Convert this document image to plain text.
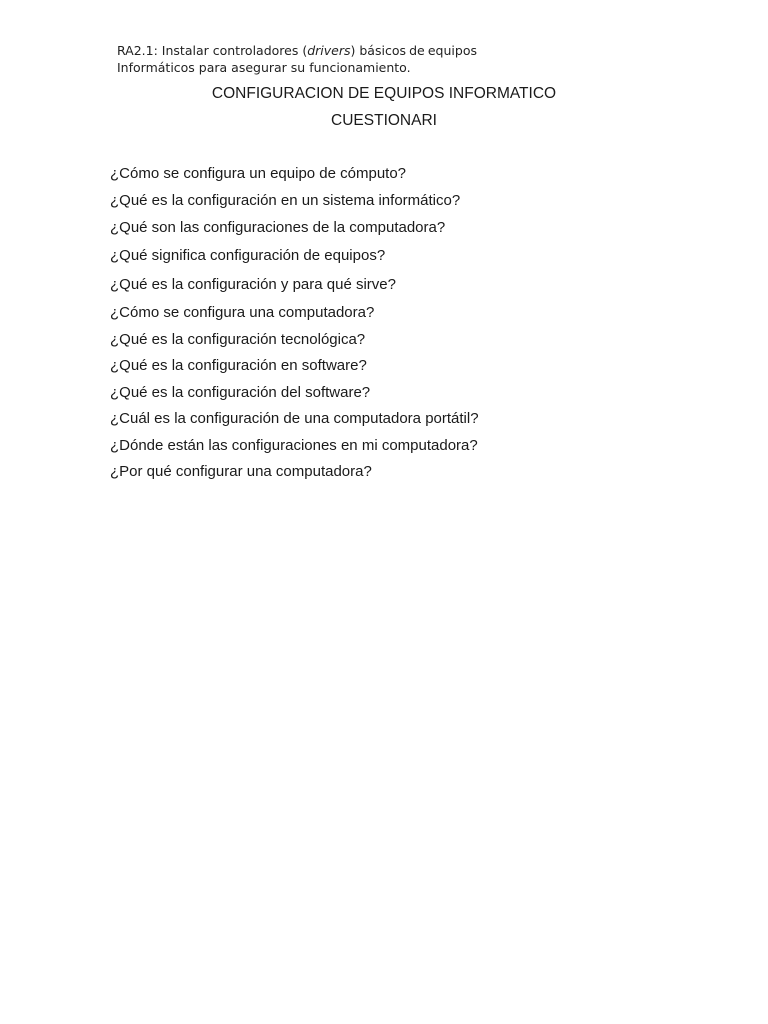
RA2.1: Instalar controladores (drivers) básicos de equipos
Informáticos para asegurar su funcionamiento.
CONFIGURACION DE EQUIPOS INFORMATICO
CUESTIONARI
¿Cómo se configura un equipo de cómputo?
¿Qué es la configuración en un sistema informático?
¿Qué son las configuraciones de la computadora?
¿Qué significa configuración de equipos?
¿Qué es la configuración y para qué sirve?
¿Cómo se configura una computadora?
¿Qué es la configuración tecnológica?
¿Qué es la configuración en software?
¿Qué es la configuración del software?
¿Cuál es la configuración de una computadora portátil?
¿Dónde están las configuraciones en mi computadora?
¿Por qué configurar una computadora?
